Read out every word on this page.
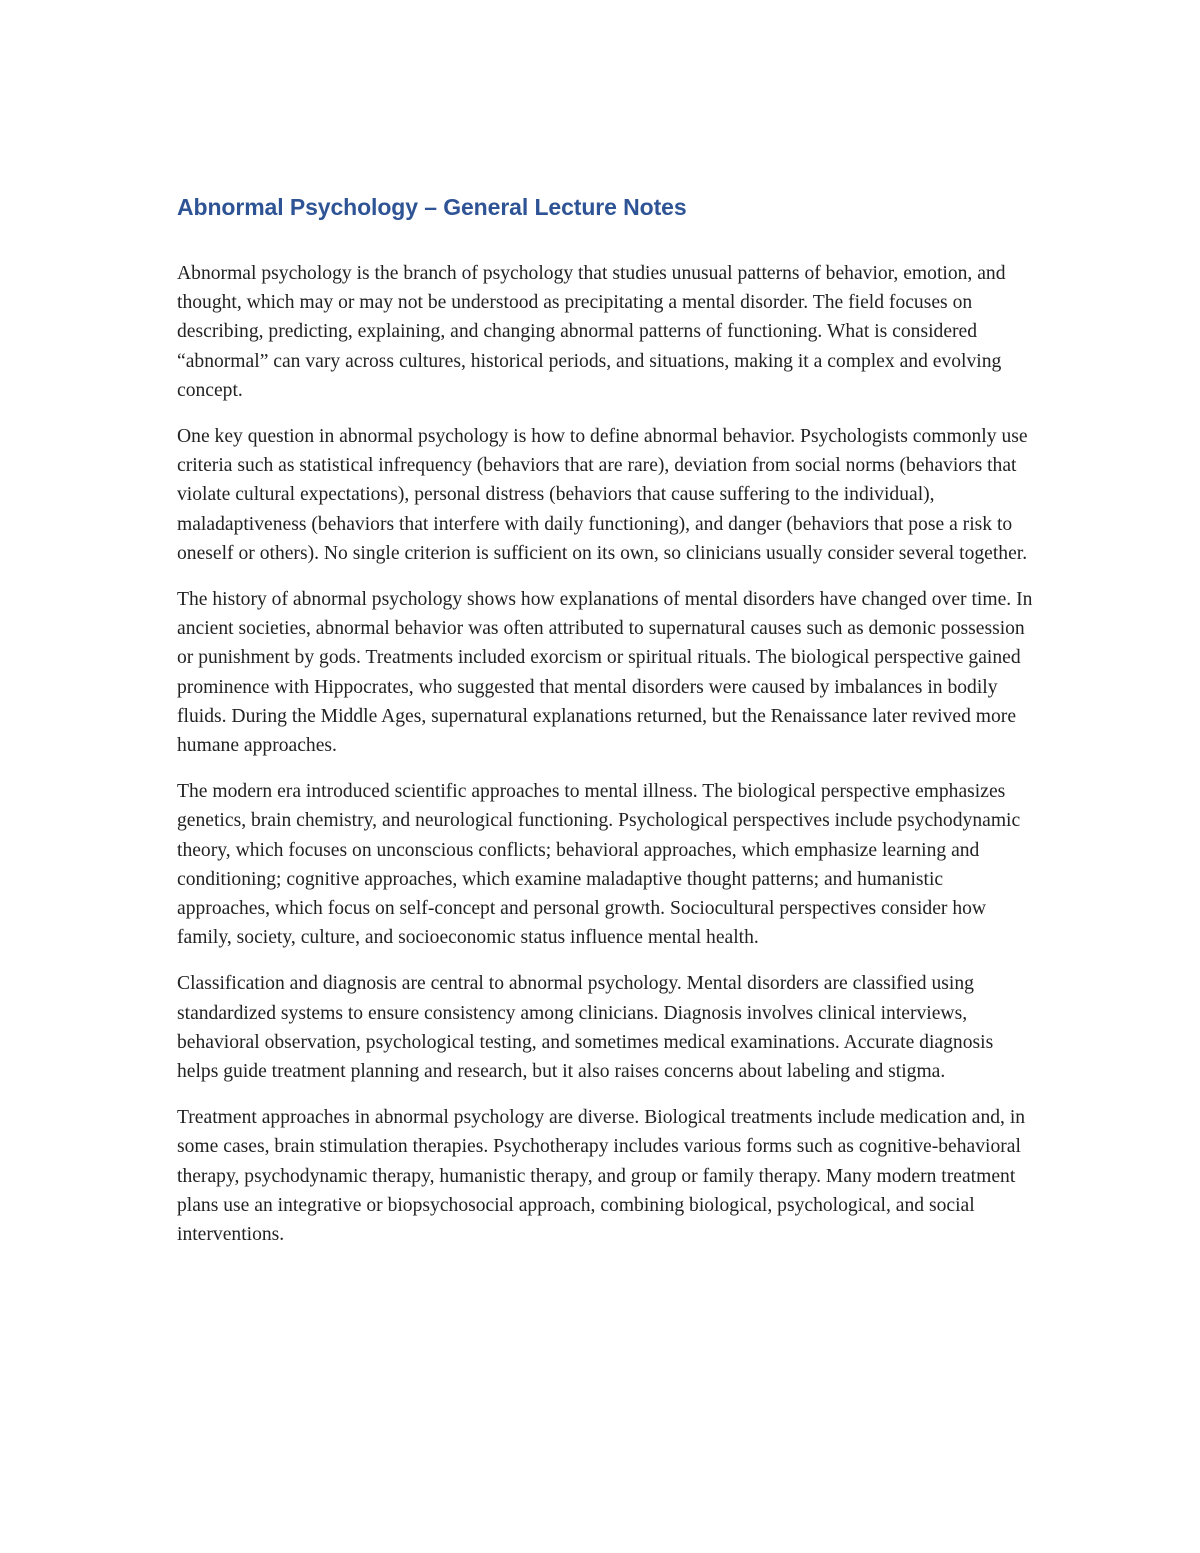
Abnormal Psychology – General Lecture Notes

Abnormal psychology is the branch of psychology that studies unusual patterns of behavior, emotion, and thought, which may or may not be understood as precipitating a mental disorder. The field focuses on describing, predicting, explaining, and changing abnormal patterns of functioning. What is considered “abnormal” can vary across cultures, historical periods, and situations, making it a complex and evolving concept.

One key question in abnormal psychology is how to define abnormal behavior. Psychologists commonly use criteria such as statistical infrequency (behaviors that are rare), deviation from social norms (behaviors that violate cultural expectations), personal distress (behaviors that cause suffering to the individual), maladaptiveness (behaviors that interfere with daily functioning), and danger (behaviors that pose a risk to oneself or others). No single criterion is sufficient on its own, so clinicians usually consider several together.

The history of abnormal psychology shows how explanations of mental disorders have changed over time. In ancient societies, abnormal behavior was often attributed to supernatural causes such as demonic possession or punishment by gods. Treatments included exorcism or spiritual rituals. The biological perspective gained prominence with Hippocrates, who suggested that mental disorders were caused by imbalances in bodily fluids. During the Middle Ages, supernatural explanations returned, but the Renaissance later revived more humane approaches.

The modern era introduced scientific approaches to mental illness. The biological perspective emphasizes genetics, brain chemistry, and neurological functioning. Psychological perspectives include psychodynamic theory, which focuses on unconscious conflicts; behavioral approaches, which emphasize learning and conditioning; cognitive approaches, which examine maladaptive thought patterns; and humanistic approaches, which focus on self-concept and personal growth. Sociocultural perspectives consider how family, society, culture, and socioeconomic status influence mental health.

Classification and diagnosis are central to abnormal psychology. Mental disorders are classified using standardized systems to ensure consistency among clinicians. Diagnosis involves clinical interviews, behavioral observation, psychological testing, and sometimes medical examinations. Accurate diagnosis helps guide treatment planning and research, but it also raises concerns about labeling and stigma.

Treatment approaches in abnormal psychology are diverse. Biological treatments include medication and, in some cases, brain stimulation therapies. Psychotherapy includes various forms such as cognitive-behavioral therapy, psychodynamic therapy, humanistic therapy, and group or family therapy. Many modern treatment plans use an integrative or biopsychosocial approach, combining biological, psychological, and social interventions.
